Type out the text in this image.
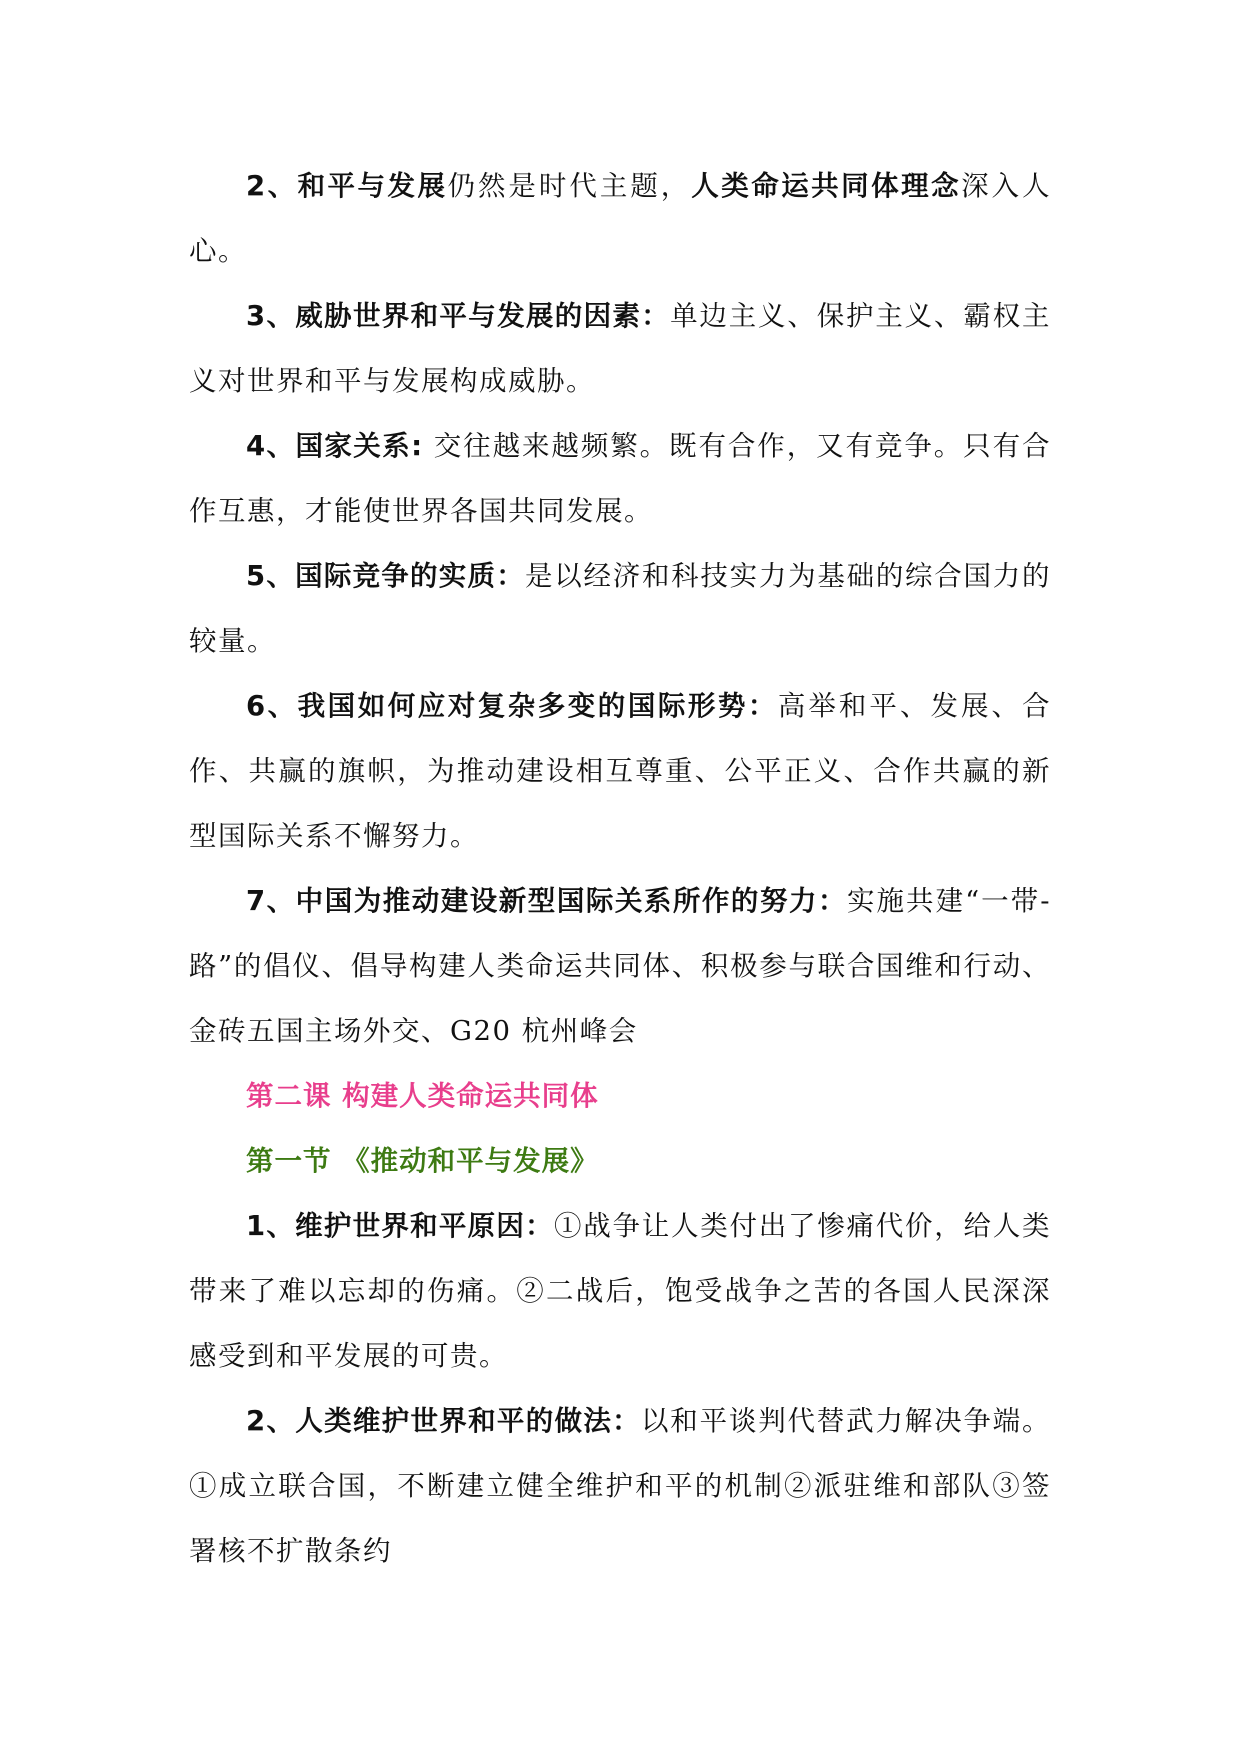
2、和平与发展仍然是时代主题，人类命运共同体理念深入人心。

3、威胁世界和平与发展的因素：单边主义、保护主义、霸权主义对世界和平与发展构成威胁。

4、国家关系: 交往越来越频繁。既有合作，又有竞争。只有合作互惠，才能使世界各国共同发展。

5、国际竞争的实质：是以经济和科技实力为基础的综合国力的较量。

6、我国如何应对复杂多变的国际形势：高举和平、发展、合作、共赢的旗帜，为推动建设相互尊重、公平正义、合作共赢的新型国际关系不懈努力。

7、中国为推动建设新型国际关系所作的努力：实施共建“一带-路”的倡仪、倡导构建人类命运共同体、积极参与联合国维和行动、金砖五国主场外交、G20 杭州峰会

第二课 构建人类命运共同体

第一节 《推动和平与发展》

1、维护世界和平原因：①战争让人类付出了惨痛代价，给人类带来了难以忘却的伤痛。②二战后，饱受战争之苦的各国人民深深感受到和平发展的可贵。

2、人类维护世界和平的做法：以和平谈判代替武力解决争端。①成立联合国，不断建立健全维护和平的机制②派驻维和部队③签署核不扩散条约
